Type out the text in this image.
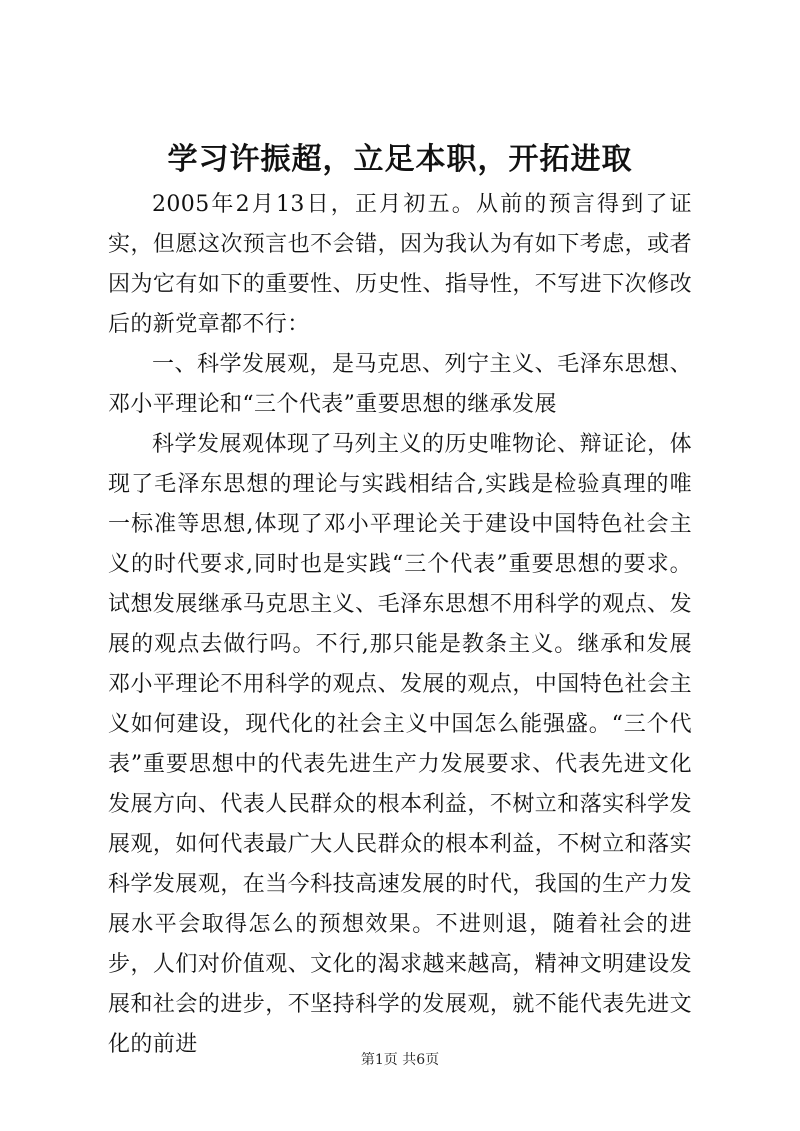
学习许振超，立足本职，开拓进取

2005年2月13日，正月初五。从前的预言得到了证实，但愿这次预言也不会错，因为我认为有如下考虑，或者因为它有如下的重要性、历史性、指导性，不写进下次修改后的新党章都不行：

一、科学发展观，是马克思、列宁主义、毛泽东思想、邓小平理论和“三个代表”重要思想的继承发展

科学发展观体现了马列主义的历史唯物论、辩证论，体现了毛泽东思想的理论与实践相结合,实践是检验真理的唯一标准等思想,体现了邓小平理论关于建设中国特色社会主义的时代要求,同时也是实践“三个代表”重要思想的要求。试想发展继承马克思主义、毛泽东思想不用科学的观点、发展的观点去做行吗。不行,那只能是教条主义。继承和发展邓小平理论不用科学的观点、发展的观点，中国特色社会主义如何建设，现代化的社会主义中国怎么能强盛。“三个代表”重要思想中的代表先进生产力发展要求、代表先进文化发展方向、代表人民群众的根本利益，不树立和落实科学发展观，如何代表最广大人民群众的根本利益，不树立和落实科学发展观，在当今科技高速发展的时代，我国的生产力发展水平会取得怎么的预想效果。不进则退，随着社会的进步，人们对价值观、文化的渴求越来越高，精神文明建设发展和社会的进步，不坚持科学的发展观，就不能代表先进文化的前进

第1页 共6页
